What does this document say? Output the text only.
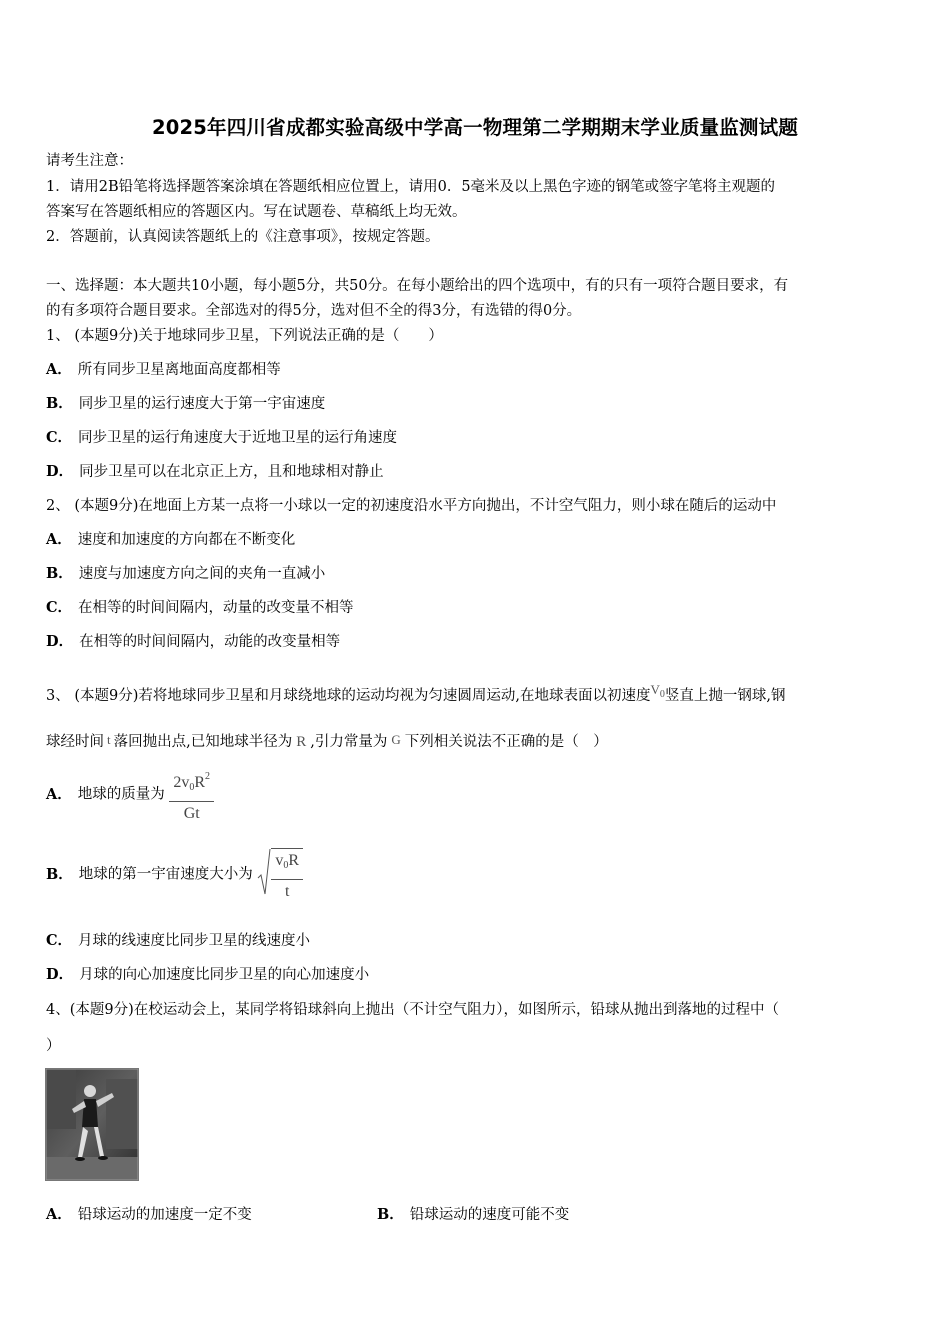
2025年四川省成都实验高级中学高一物理第二学期期末学业质量监测试题
请考生注意：
1．请用2B铅笔将选择题答案涂填在答题纸相应位置上，请用0．5毫米及以上黑色字迹的钢笔或签字笔将主观题的
答案写在答题纸相应的答题区内。写在试题卷、草稿纸上均无效。
2．答题前，认真阅读答题纸上的《注意事项》，按规定答题。
一、选择题：本大题共10小题，每小题5分，共50分。在每小题给出的四个选项中，有的只有一项符合题目要求，有
的有多项符合题目要求。全部选对的得5分，选对但不全的得3分，有选错的得0分。
1、 (本题9分)关于地球同步卫星，下列说法正确的是（　　）
A． 所有同步卫星离地面高度都相等
B． 同步卫星的运行速度大于第一宇宙速度
C． 同步卫星的运行角速度大于近地卫星的运行角速度
D． 同步卫星可以在北京正上方，且和地球相对静止
2、 (本题9分)在地面上方某一点将一小球以一定的初速度沿水平方向抛出，不计空气阻力，则小球在随后的运动中
A． 速度和加速度的方向都在不断变化
B． 速度与加速度方向之间的夹角一直减小
C． 在相等的时间间隔内，动量的改变量不相等
D． 在相等的时间间隔内，动能的改变量相等
3、 (本题9分)若将地球同步卫星和月球绕地球的运动均视为匀速圆周运动,在地球表面以初速度$V_0$竖直上抛一钢球,钢
球经时间 t 落回抛出点,已知地球半径为 R ,引力常量为 G 下列相关说法不正确的是（　）
A． 地球的质量为 $\frac{2v_0R^2}{Gt}$
B． 地球的第一宇宙速度大小为 $\frac{v_0R}{t}$
C． 月球的线速度比同步卫星的线速度小
D． 月球的向心加速度比同步卫星的向心加速度小
4、(本题9分)在校运动会上，某同学将铅球斜向上抛出（不计空气阻力），如图所示，铅球从抛出到落地的过程中（
）
A． 铅球运动的加速度一定不变	B． 铅球运动的速度可能不变
